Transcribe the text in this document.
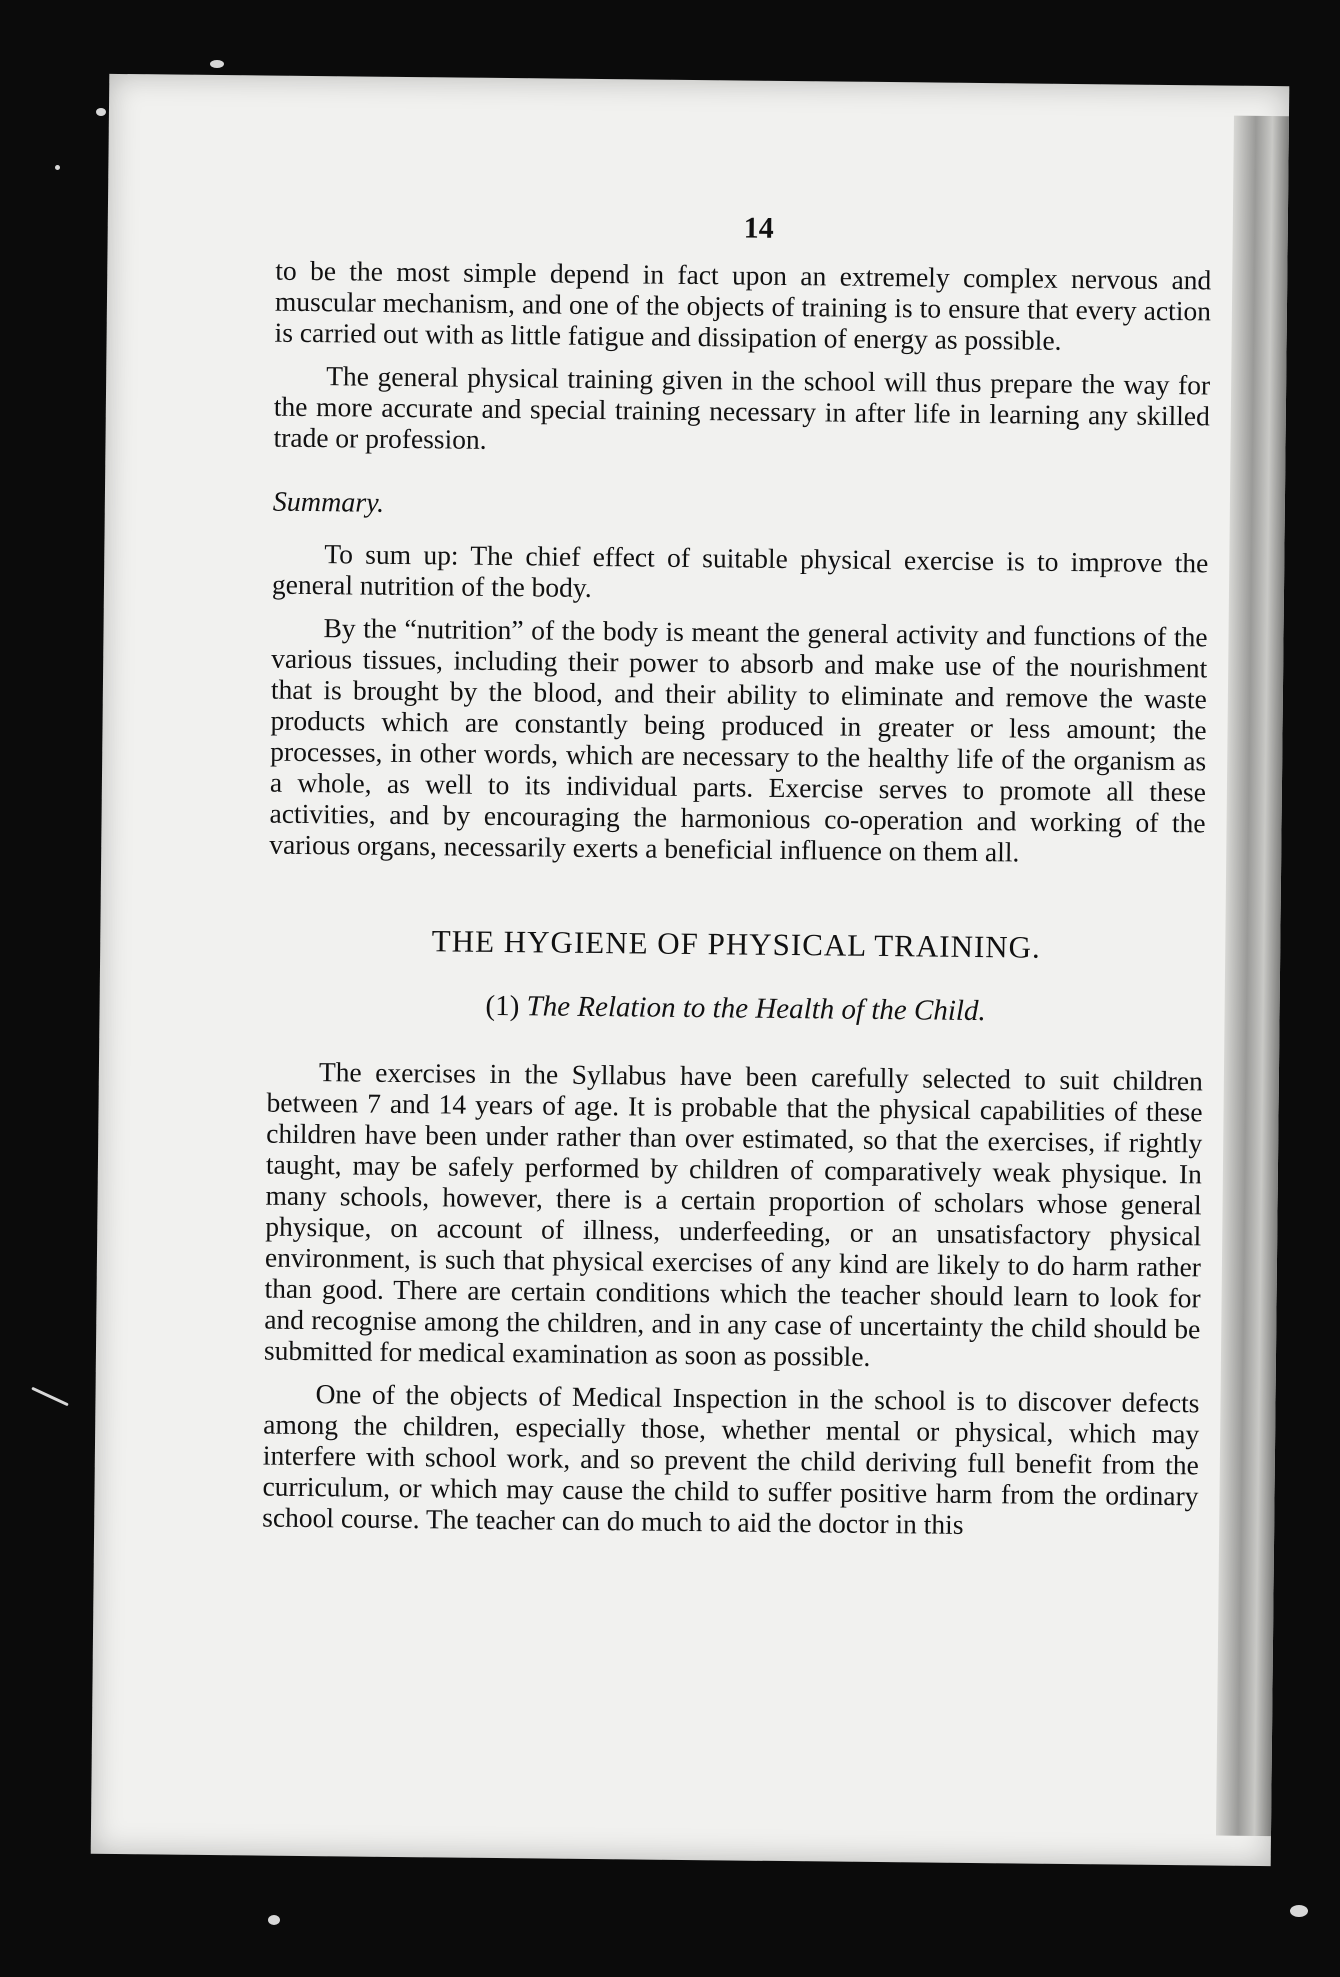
14

to be the most simple depend in fact upon an extremely complex nervous and muscular mechanism, and one of the objects of training is to ensure that every action is carried out with as little fatigue and dissipation of energy as possible.

The general physical training given in the school will thus prepare the way for the more accurate and special training necessary in after life in learning any skilled trade or profession.

Summary.

To sum up: The chief effect of suitable physical exercise is to improve the general nutrition of the body.

By the “nutrition” of the body is meant the general activity and functions of the various tissues, including their power to absorb and make use of the nourishment that is brought by the blood, and their ability to eliminate and remove the waste products which are constantly being produced in greater or less amount; the processes, in other words, which are necessary to the healthy life of the organism as a whole, as well to its individual parts. Exercise serves to promote all these activities, and by encouraging the harmonious co-operation and working of the various organs, necessarily exerts a beneficial influence on them all.

THE HYGIENE OF PHYSICAL TRAINING.
(1) The Relation to the Health of the Child.

The exercises in the Syllabus have been carefully selected to suit children between 7 and 14 years of age. It is probable that the physical capabilities of these children have been under rather than over estimated, so that the exercises, if rightly taught, may be safely performed by children of comparatively weak physique. In many schools, however, there is a certain proportion of scholars whose general physique, on account of illness, underfeeding, or an unsatisfactory physical environment, is such that physical exercises of any kind are likely to do harm rather than good. There are certain conditions which the teacher should learn to look for and recognise among the children, and in any case of uncertainty the child should be submitted for medical examination as soon as possible.

One of the objects of Medical Inspection in the school is to discover defects among the children, especially those, whether mental or physical, which may interfere with school work, and so prevent the child deriving full benefit from the curriculum, or which may cause the child to suffer positive harm from the ordinary school course. The teacher can do much to aid the doctor in this
